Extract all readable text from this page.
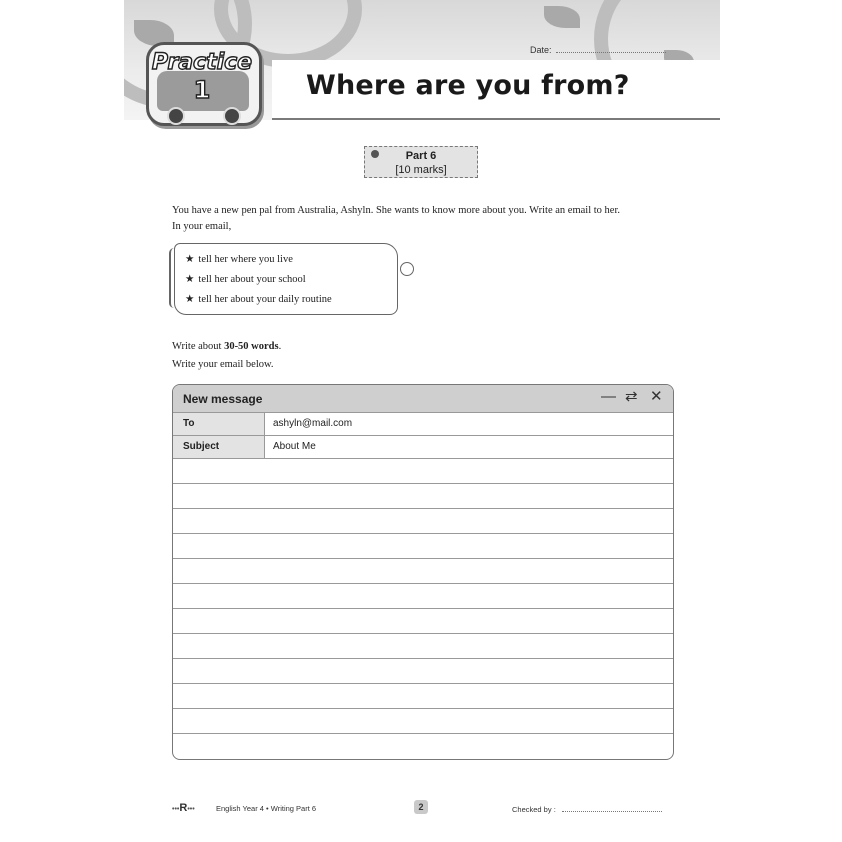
Date:
Practice
1	Where are you from?
Part 6
[10 marks]
You have a new pen pal from Australia, Ashyln. She wants to know more about you. Write an email to her.
In your email,
★ tell her where you live
★ tell her about your school
★ tell her about your daily routine
Write about 30-50 words.
Write your email below.
New message	— ⇄ ✕
To	ashyln@mail.com
Subject	About Me
•••R•••	English Year 4 • Writing Part 6	2	Checked by :
